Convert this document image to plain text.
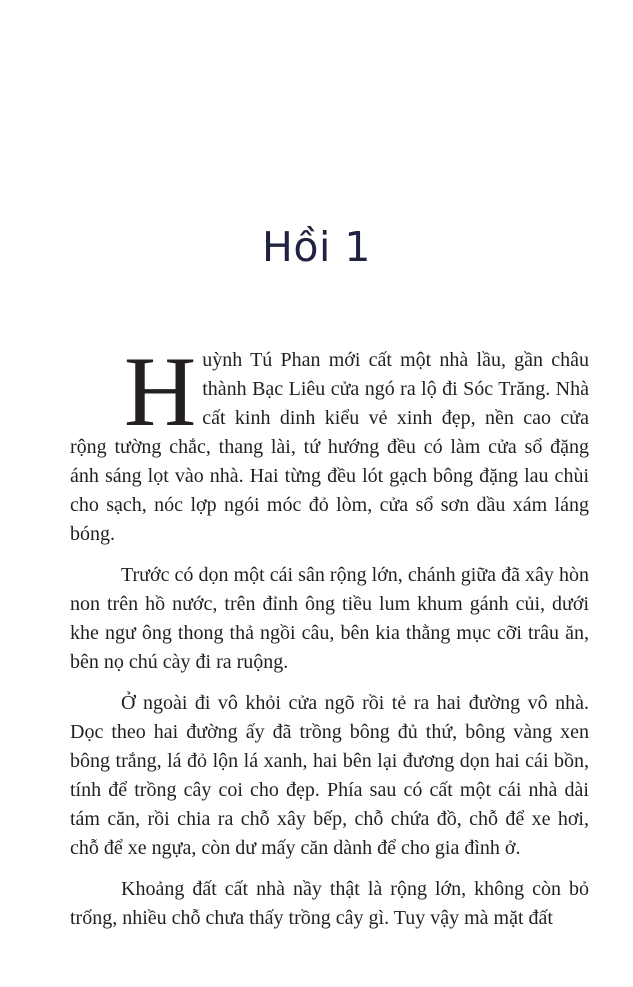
Hồi 1

Huỳnh Tú Phan mới cất một nhà lầu, gần châu thành Bạc Liêu cửa ngó ra lộ đi Sóc Trăng. Nhà cất kinh dinh kiểu vẻ xinh đẹp, nền cao cửa rộng tường chắc, thang lài, tứ hướng đều có làm cửa sổ đặng ánh sáng lọt vào nhà. Hai từng đều lót gạch bông đặng lau chùi cho sạch, nóc lợp ngói móc đỏ lòm, cửa sổ sơn dầu xám láng bóng.

Trước có dọn một cái sân rộng lớn, chánh giữa đã xây hòn non trên hồ nước, trên đỉnh ông tiều lum khum gánh củi, dưới khe ngư ông thong thả ngồi câu, bên kia thằng mục cỡi trâu ăn, bên nọ chú cày đi ra ruộng.

Ở ngoài đi vô khỏi cửa ngõ rồi tẻ ra hai đường vô nhà. Dọc theo hai đường ấy đã trồng bông đủ thứ, bông vàng xen bông trắng, lá đỏ lộn lá xanh, hai bên lại đương dọn hai cái bồn, tính để trồng cây coi cho đẹp. Phía sau có cất một cái nhà dài tám căn, rồi chia ra chỗ xây bếp, chỗ chứa đồ, chỗ để xe hơi, chỗ để xe ngựa, còn dư mấy căn dành để cho gia đình ở.

Khoảng đất cất nhà nầy thật là rộng lớn, không còn bỏ trống, nhiều chỗ chưa thấy trồng cây gì. Tuy vậy mà mặt đất
